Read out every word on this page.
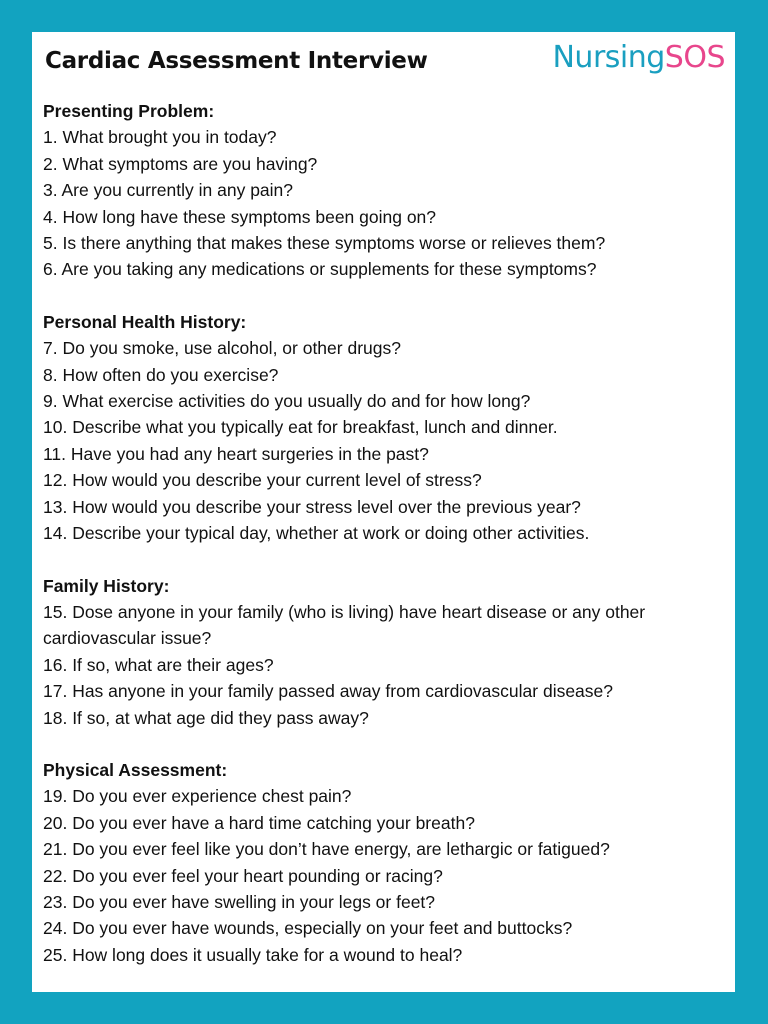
Cardiac Assessment Interview	NursingSOS
Presenting Problem:
1. What brought you in today?
2. What symptoms are you having?
3. Are you currently in any pain?
4. How long have these symptoms been going on?
5. Is there anything that makes these symptoms worse or relieves them?
6. Are you taking any medications or supplements for these symptoms?
Personal Health History:
7. Do you smoke, use alcohol, or other drugs?
8. How often do you exercise?
9. What exercise activities do you usually do and for how long?
10. Describe what you typically eat for breakfast, lunch and dinner.
11. Have you had any heart surgeries in the past?
12. How would you describe your current level of stress?
13. How would you describe your stress level over the previous year?
14. Describe your typical day, whether at work or doing other activities.
Family History:
15. Dose anyone in your family (who is living) have heart disease or any other cardiovascular issue?
16. If so, what are their ages?
17. Has anyone in your family passed away from cardiovascular disease?
18. If so, at what age did they pass away?
Physical Assessment:
19. Do you ever experience chest pain?
20. Do you ever have a hard time catching your breath?
21. Do you ever feel like you don’t have energy, are lethargic or fatigued?
22. Do you ever feel your heart pounding or racing?
23. Do you ever have swelling in your legs or feet?
24. Do you ever have wounds, especially on your feet and buttocks?
25. How long does it usually take for a wound to heal?
